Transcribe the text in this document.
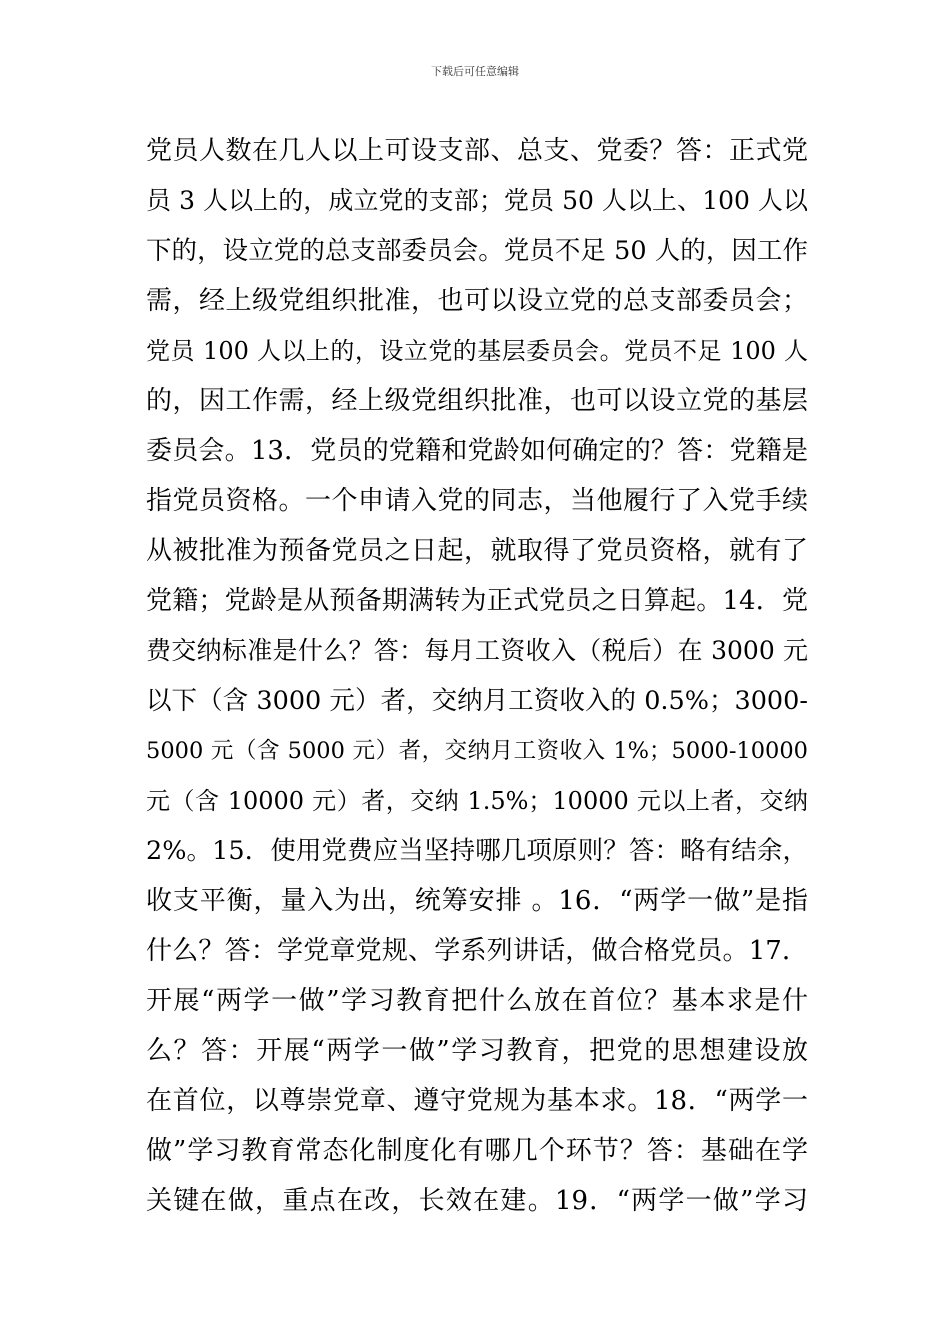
下载后可任意编辑
党员人数在几人以上可设支部、总支、党委？答：正式党
员 3 人以上的，成立党的支部；党员 50 人以上、100 人以
下的，设立党的总支部委员会。党员不足 50 人的，因工作
需，经上级党组织批准，也可以设立党的总支部委员会；
党员 100 人以上的，设立党的基层委员会。党员不足 100 人
的，因工作需，经上级党组织批准，也可以设立党的基层
委员会。13．党员的党籍和党龄如何确定的？答：党籍是
指党员资格。一个申请入党的同志，当他履行了入党手续
从被批准为预备党员之日起，就取得了党员资格，就有了
党籍；党龄是从预备期满转为正式党员之日算起。14．党
费交纳标准是什么？答：每月工资收入（税后）在 3000 元
以下（含 3000 元）者，交纳月工资收入的 0.5%；3000-
5000 元（含 5000 元）者，交纳月工资收入 1%；5000-10000
元（含 10000 元）者，交纳 1.5%；10000 元以上者，交纳
2%。15．使用党费应当坚持哪几项原则？答：略有结余，
收支平衡，量入为出，统筹安排 。16．“两学一做”是指
什么？答：学党章党规、学系列讲话，做合格党员。17．
开展“两学一做”学习教育把什么放在首位？基本求是什
么？答：开展“两学一做”学习教育，把党的思想建设放
在首位，以尊崇党章、遵守党规为基本求。18．“两学一
做”学习教育常态化制度化有哪几个环节？答：基础在学
关键在做，重点在改，长效在建。19．“两学一做”学习
